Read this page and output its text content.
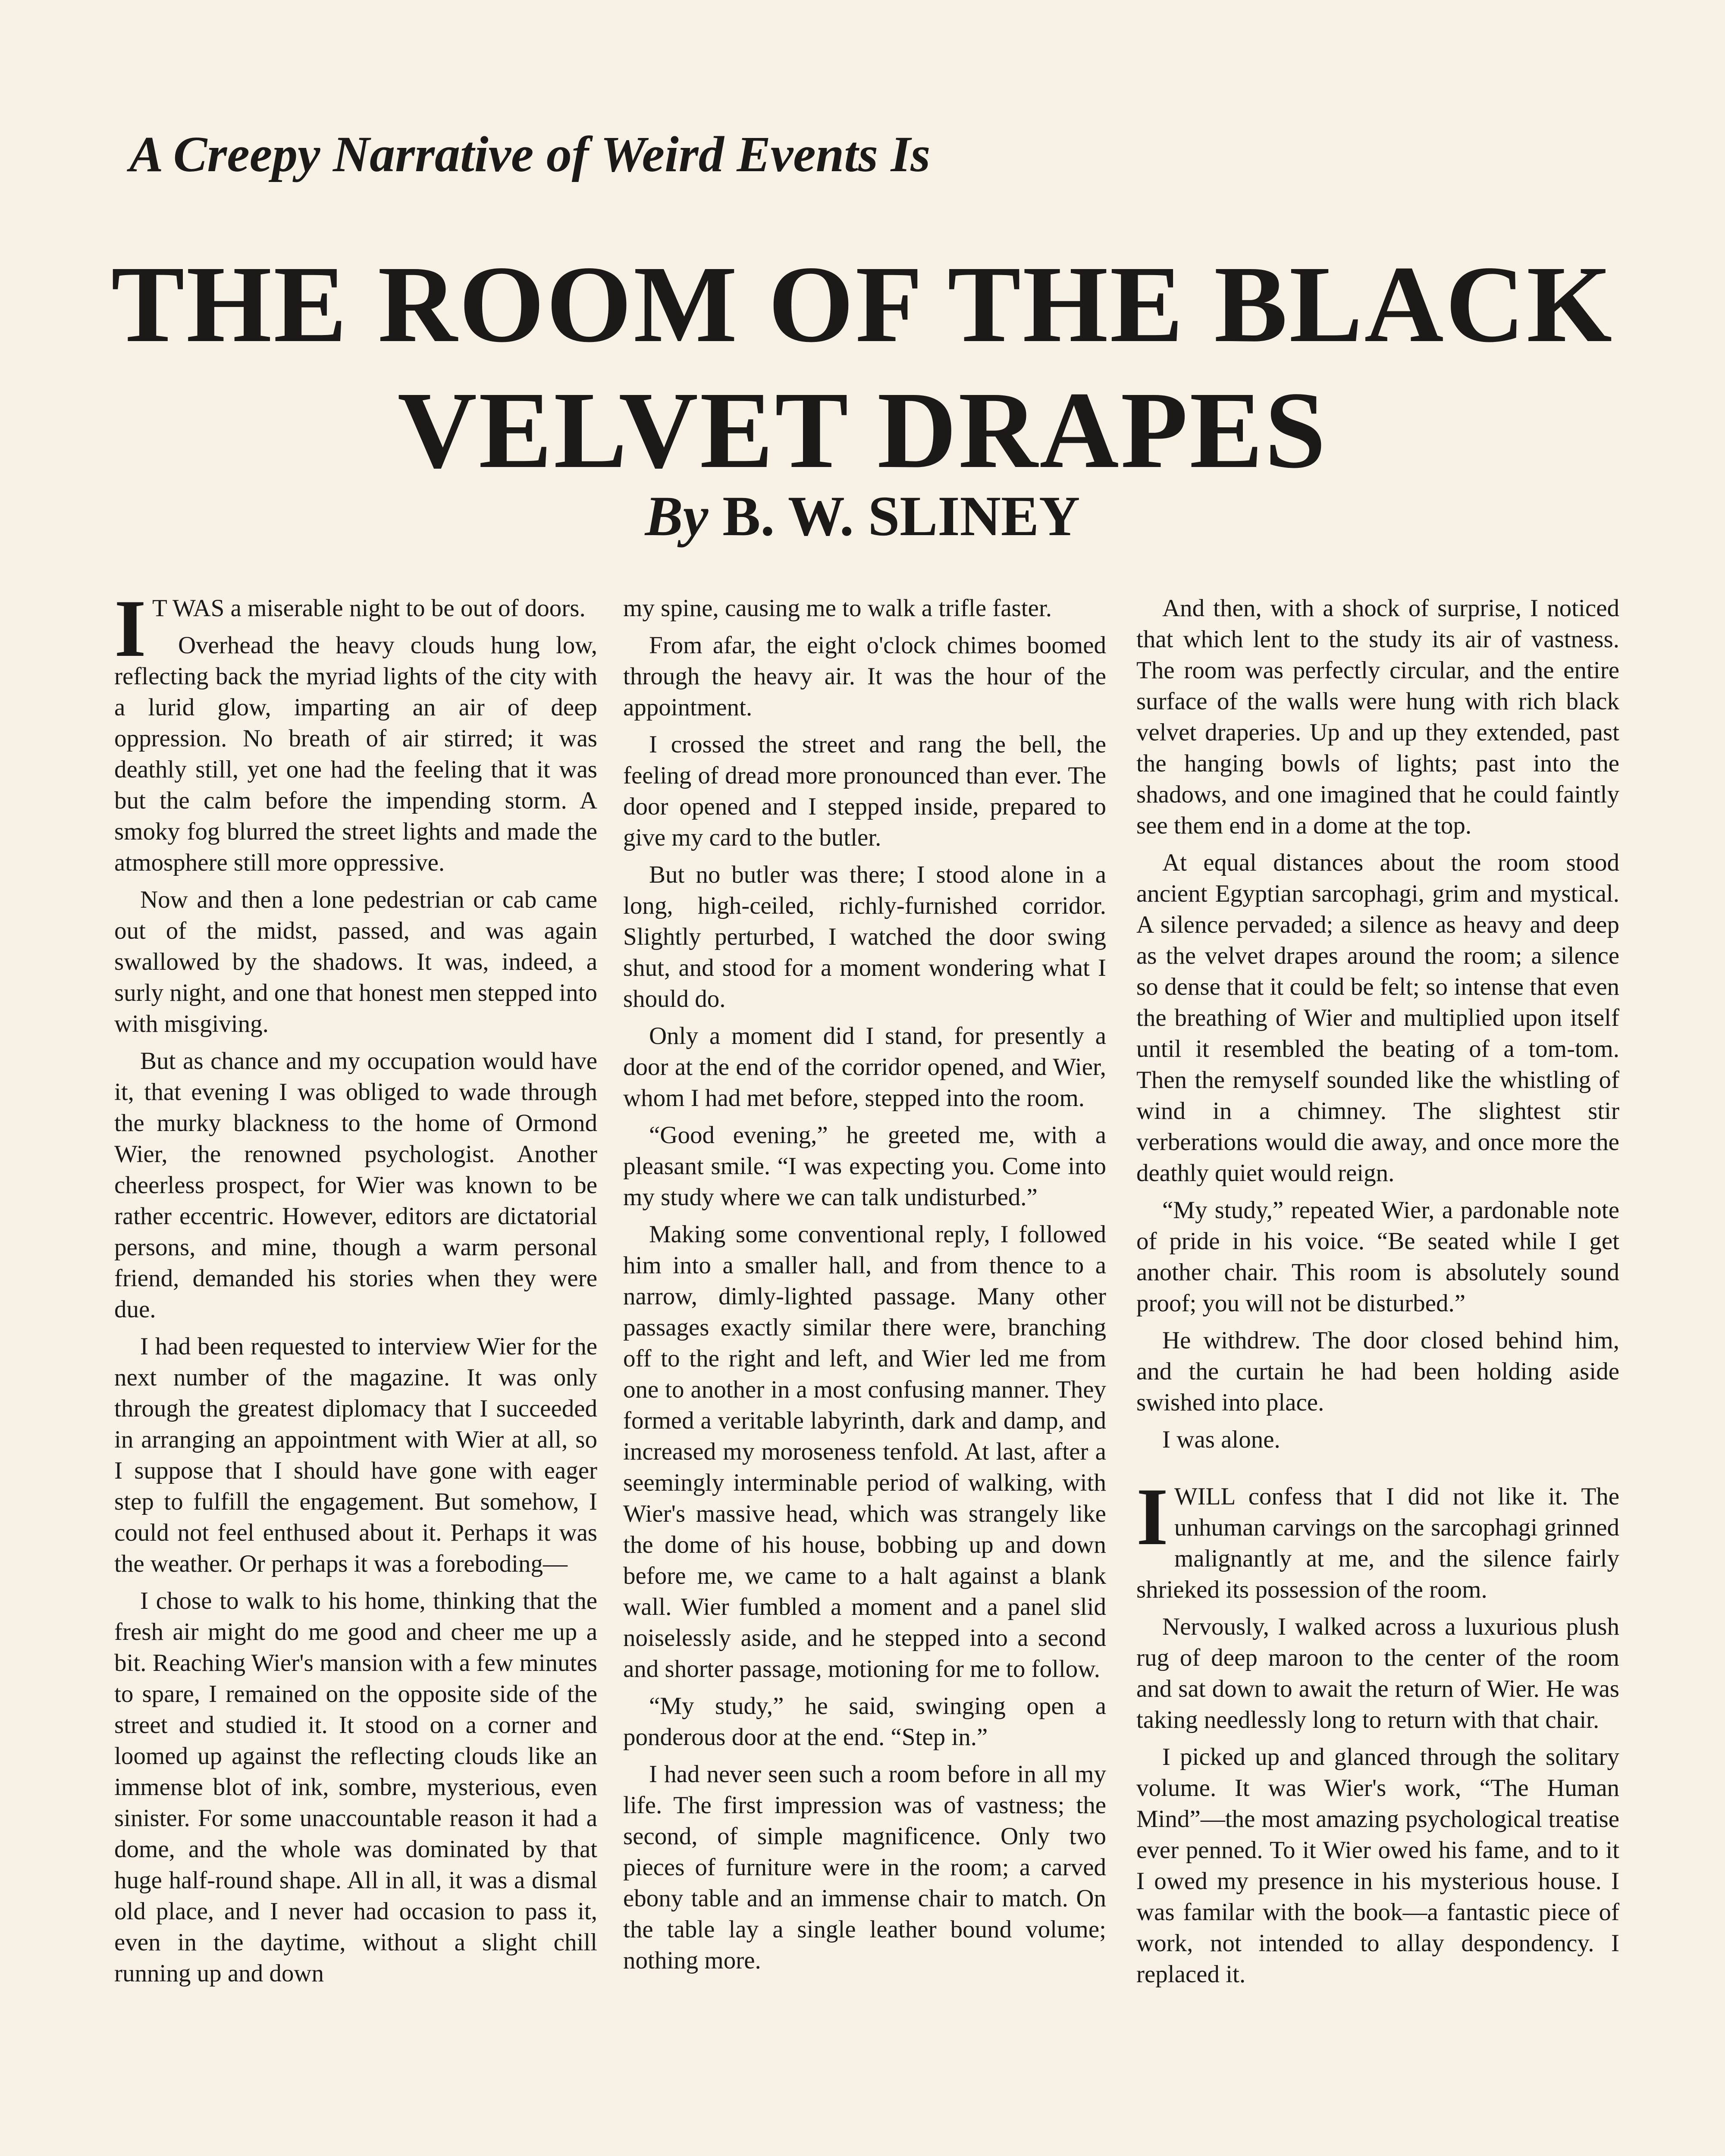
A Creepy Narrative of Weird Events Is
THE ROOM OF THE BLACK VELVET DRAPES
By B. W. SLINEY

I T WAS a miserable night to be out of doors.

Overhead the heavy clouds hung low, reflecting back the myriad lights of the city with a lurid glow, imparting an air of deep oppression. No breath of air stirred; it was deathly still, yet one had the feeling that it was but the calm before the impending storm. A smoky fog blurred the street lights and made the atmosphere still more oppressive.

Now and then a lone pedestrian or cab came out of the midst, passed, and was again swallowed by the shadows. It was, indeed, a surly night, and one that honest men stepped into with misgiving.

But as chance and my occupation would have it, that evening I was obliged to wade through the murky blackness to the home of Ormond Wier, the renowned psychologist. Another cheerless prospect, for Wier was known to be rather eccentric. However, editors are dictatorial persons, and mine, though a warm personal friend, demanded his stories when they were due.

I had been requested to interview Wier for the next number of the magazine. It was only through the greatest diplomacy that I succeeded in arranging an appointment with Wier at all, so I suppose that I should have gone with eager step to fulfill the engagement. But somehow, I could not feel enthused about it. Perhaps it was the weather. Or perhaps it was a foreboding—

I chose to walk to his home, thinking that the fresh air might do me good and cheer me up a bit. Reaching Wier's mansion with a few minutes to spare, I remained on the opposite side of the street and studied it. It stood on a corner and loomed up against the reflecting clouds like an immense blot of ink, sombre, mysterious, even sinister. For some unaccountable reason it had a dome, and the whole was dominated by that huge half-round shape. All in all, it was a dismal old place, and I never had occasion to pass it, even in the daytime, without a slight chill running up and down

my spine, causing me to walk a trifle faster.

From afar, the eight o'clock chimes boomed through the heavy air. It was the hour of the appointment.

I crossed the street and rang the bell, the feeling of dread more pronounced than ever. The door opened and I stepped inside, prepared to give my card to the butler.

But no butler was there; I stood alone in a long, high-ceiled, richly-furnished corridor. Slightly perturbed, I watched the door swing shut, and stood for a moment wondering what I should do.

Only a moment did I stand, for presently a door at the end of the corridor opened, and Wier, whom I had met before, stepped into the room.

“Good evening,” he greeted me, with a pleasant smile. “I was expecting you. Come into my study where we can talk undisturbed.”

Making some conventional reply, I followed him into a smaller hall, and from thence to a narrow, dimly-lighted passage. Many other passages exactly similar there were, branching off to the right and left, and Wier led me from one to another in a most confusing manner. They formed a veritable labyrinth, dark and damp, and increased my moroseness tenfold. At last, after a seemingly interminable period of walking, with Wier's massive head, which was strangely like the dome of his house, bobbing up and down before me, we came to a halt against a blank wall. Wier fumbled a moment and a panel slid noiselessly aside, and he stepped into a second and shorter passage, motioning for me to follow.

“My study,” he said, swinging open a ponderous door at the end. “Step in.”

I had never seen such a room before in all my life. The first impression was of vastness; the second, of simple magnificence. Only two pieces of furniture were in the room; a carved ebony table and an immense chair to match. On the table lay a single leather bound volume; nothing more.

And then, with a shock of surprise, I noticed that which lent to the study its air of vastness. The room was perfectly circular, and the entire surface of the walls were hung with rich black velvet draperies. Up and up they extended, past the hanging bowls of lights; past into the shadows, and one imagined that he could faintly see them end in a dome at the top.

At equal distances about the room stood ancient Egyptian sarcophagi, grim and mystical. A silence pervaded; a silence as heavy and deep as the velvet drapes around the room; a silence so dense that it could be felt; so intense that even the breathing of Wier and multiplied upon itself until it resembled the beating of a tom-tom. Then the remyself sounded like the whistling of wind in a chimney. The slightest stir verberations would die away, and once more the deathly quiet would reign.

“My study,” repeated Wier, a pardonable note of pride in his voice. “Be seated while I get another chair. This room is absolutely sound proof; you will not be disturbed.”

He withdrew. The door closed behind him, and the curtain he had been holding aside swished into place.

I was alone.

IWILL confess that I did not like it. The unhuman carvings on the sarcophagi grinned malignantly at me, and the silence fairly shrieked its possession of the room.

Nervously, I walked across a luxurious plush rug of deep maroon to the center of the room and sat down to await the return of Wier. He was taking needlessly long to return with that chair.

I picked up and glanced through the solitary volume. It was Wier's work, “The Human Mind”—the most amazing psychological treatise ever penned. To it Wier owed his fame, and to it I owed my presence in his mysterious house. I was familar with the book—a fantastic piece of work, not intended to allay despondency. I replaced it.
